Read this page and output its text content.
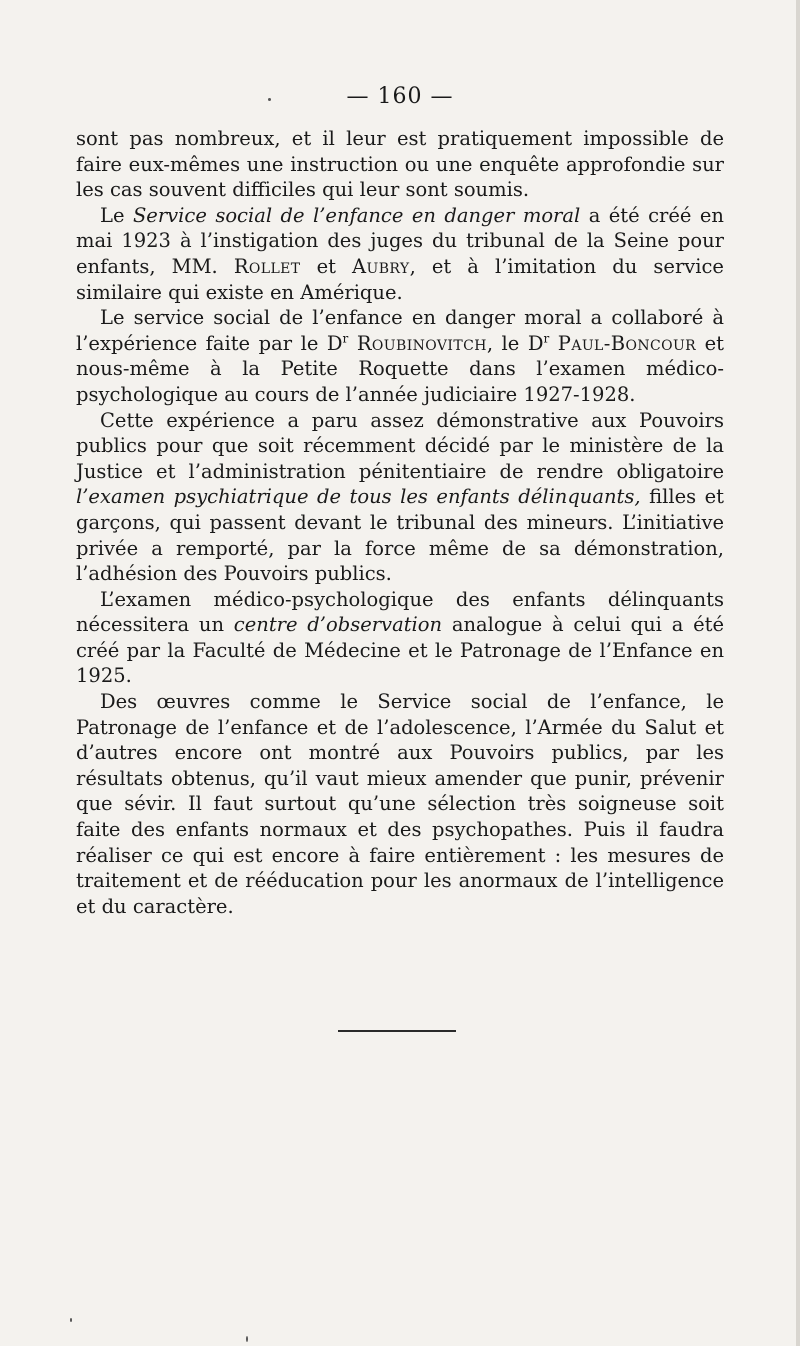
— 160 —

sont pas nombreux, et il leur est pratiquement impossible de faire eux-mêmes une instruction ou une enquête approfondie sur les cas souvent difficiles qui leur sont soumis.

Le Service social de l’enfance en danger moral a été créé en mai 1923 à l’instigation des juges du tribunal de la Seine pour enfants, MM. Rollet et Aubry, et à l’imitation du service similaire qui existe en Amérique.

Le service social de l’enfance en danger moral a collaboré à l’expérience faite par le $D^r$ Roubinovitch, le $D^r$ Paul-Boncour et nous-même à la Petite Roquette dans l’examen médico-psychologique au cours de l’année judiciaire 1927-1928.

Cette expérience a paru assez démonstrative aux Pouvoirs publics pour que soit récemment décidé par le ministère de la Justice et l’administration pénitentiaire de rendre obligatoire l’examen psychiatrique de tous les enfants délinquants, filles et garçons, qui passent devant le tribunal des mineurs. L’initiative privée a remporté, par la force même de sa démonstration, l’adhésion des Pouvoirs publics.

L’examen médico-psychologique des enfants délinquants nécessitera un centre d’observation analogue à celui qui a été créé par la Faculté de Médecine et le Patronage de l’Enfance en 1925.

Des œuvres comme le Service social de l’enfance, le Patronage de l’enfance et de l’adolescence, l’Armée du Salut et d’autres encore ont montré aux Pouvoirs publics, par les résultats obtenus, qu’il vaut mieux amender que punir, prévenir que sévir. Il faut surtout qu’une sélection très soigneuse soit faite des enfants normaux et des psychopathes. Puis il faudra réaliser ce qui est encore à faire entièrement : les mesures de traitement et de rééducation pour les anormaux de l’intelligence et du caractère.
